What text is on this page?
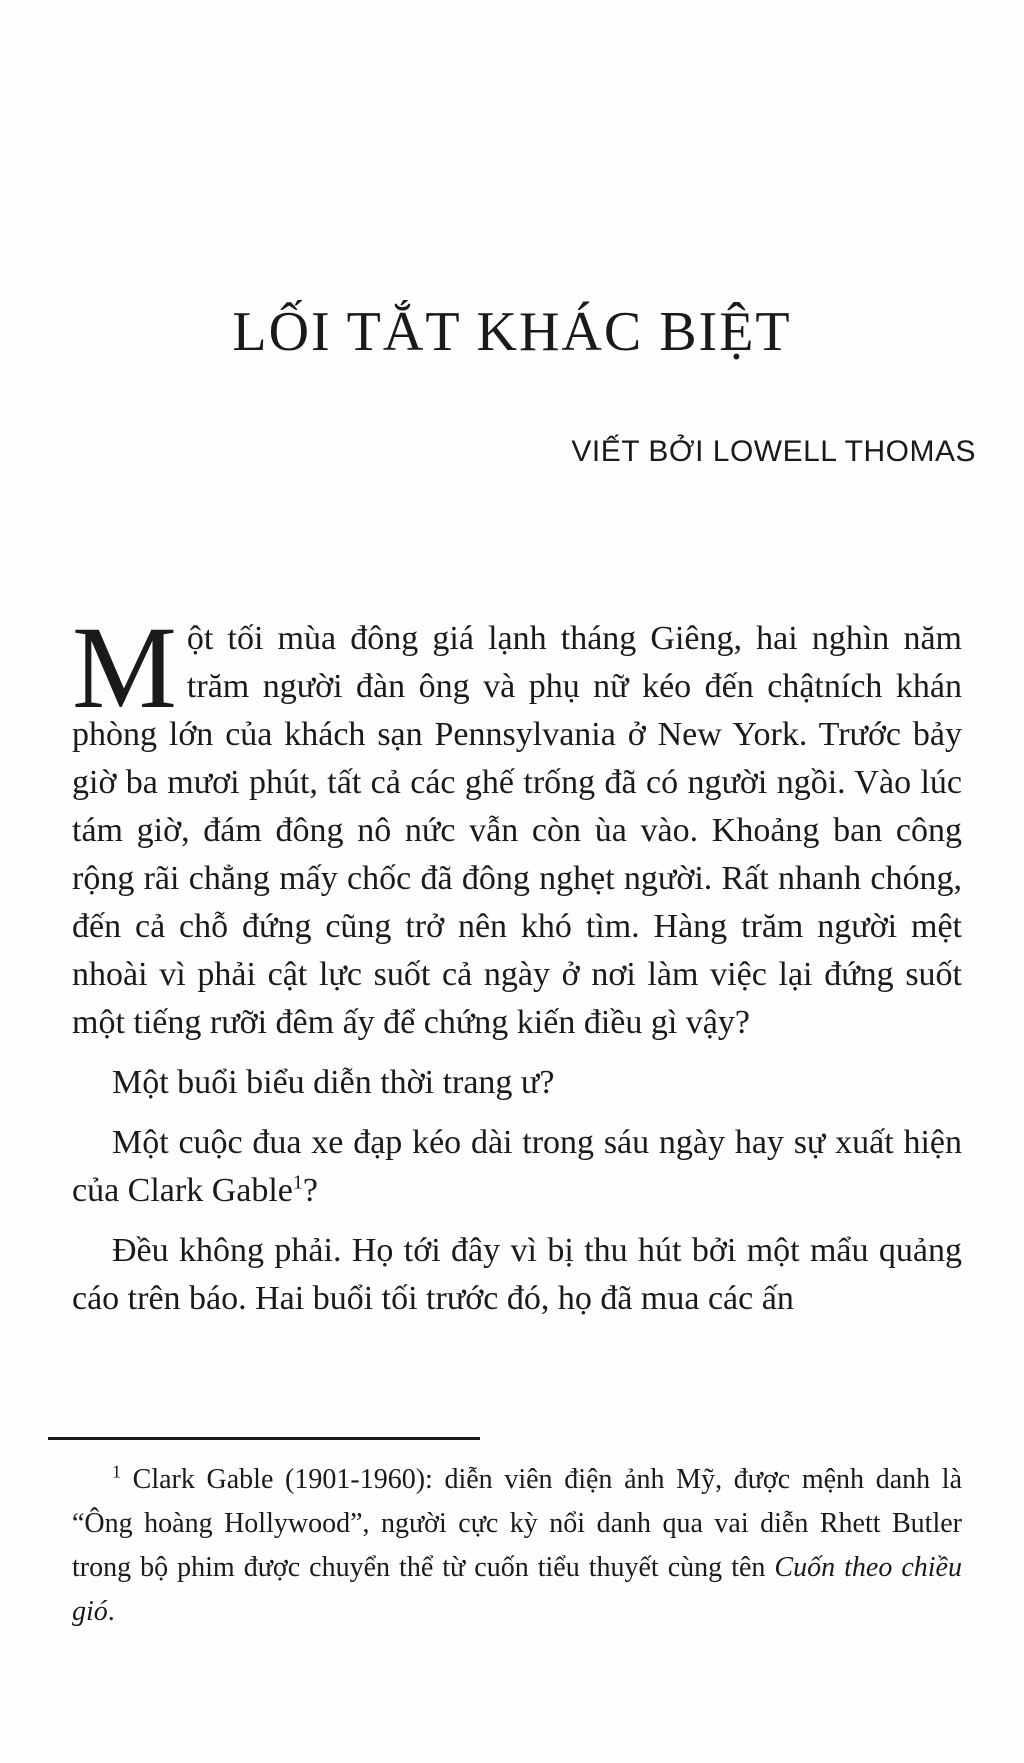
LỐI TẮT KHÁC BIỆT
VIẾT BỞI LOWELL THOMAS

Một tối mùa đông giá lạnh tháng Giêng, hai nghìn năm trăm người đàn ông và phụ nữ kéo đến chậtních khán phòng lớn của khách sạn Pennsylvania ở New York. Trước bảy giờ ba mươi phút, tất cả các ghế trống đã có người ngồi. Vào lúc tám giờ, đám đông nô nức vẫn còn ùa vào. Khoảng ban công rộng rãi chẳng mấy chốc đã đông nghẹt người. Rất nhanh chóng, đến cả chỗ đứng cũng trở nên khó tìm. Hàng trăm người mệt nhoài vì phải cật lực suốt cả ngày ở nơi làm việc lại đứng suốt một tiếng rưỡi đêm ấy để chứng kiến điều gì vậy?

Một buổi biểu diễn thời trang ư?

Một cuộc đua xe đạp kéo dài trong sáu ngày hay sự xuất hiện của Clark Gable$^1$?

Đều không phải. Họ tới đây vì bị thu hút bởi một mẩu quảng cáo trên báo. Hai buổi tối trước đó, họ đã mua các ấn

$^1$ Clark Gable (1901-1960): diễn viên điện ảnh Mỹ, được mệnh danh là “Ông hoàng Hollywood”, người cực kỳ nổi danh qua vai diễn Rhett Butler trong bộ phim được chuyển thể từ cuốn tiểu thuyết cùng tên Cuốn theo chiều gió.
